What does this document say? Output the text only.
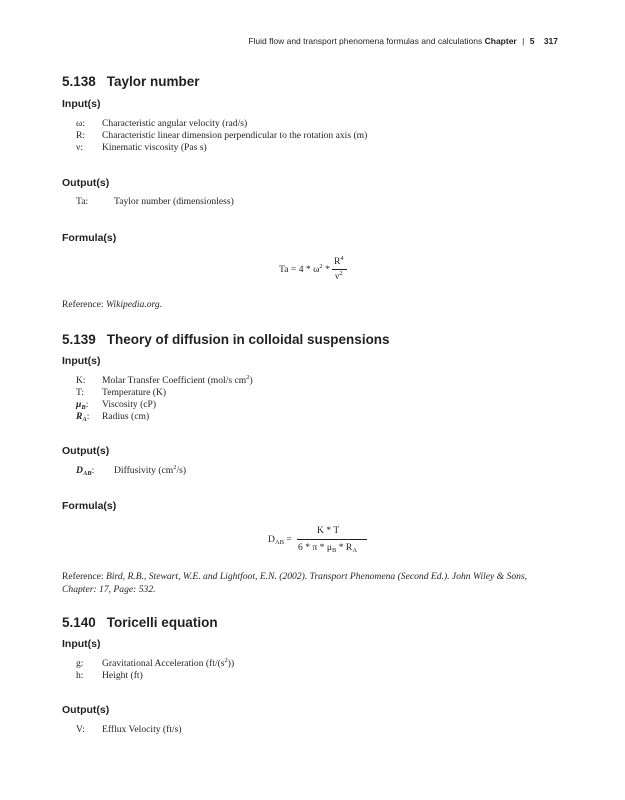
Fluid flow and transport phenomena formulas and calculations Chapter | 5 317
5.138 Taylor number
Input(s)
ω: Characteristic angular velocity (rad/s)
R: Characteristic linear dimension perpendicular to the rotation axis (m)
ν: Kinematic viscosity (Pas s)
Output(s)
Ta:	Taylor number (dimensionless)
Formula(s)
$Ta = 4 * \omega^2$ *
$R^4$
$\nu^2$
Reference: Wikipedia.org.
5.139 Theory of diffusion in colloidal suspensions
Input(s)
K: Molar Transfer Coefficient (mol/s $cm^2$)
T: Temperature (K)
$\mu_B$: Viscosity (cP)
$R_A$: Radius (cm)
Output(s)
$D_{AB}$: Diffusivity $(cm^2/s)$
Formula(s)
$D_{AB}$ =
K * T
6 * π * $\mu_B * R_A$
Reference: Bird, R.B., Stewart, W.E. and Lightfoot, E.N. (2002). Transport Phenomena (Second Ed.). John Wiley & Sons, Chapter: 17, Page: 532.
5.140 Toricelli equation
Input(s)
g: Gravitational Acceleration $(ft/(s^2))$
h: Height (ft)
Output(s)
V: Efflux Velocity (ft/s)
